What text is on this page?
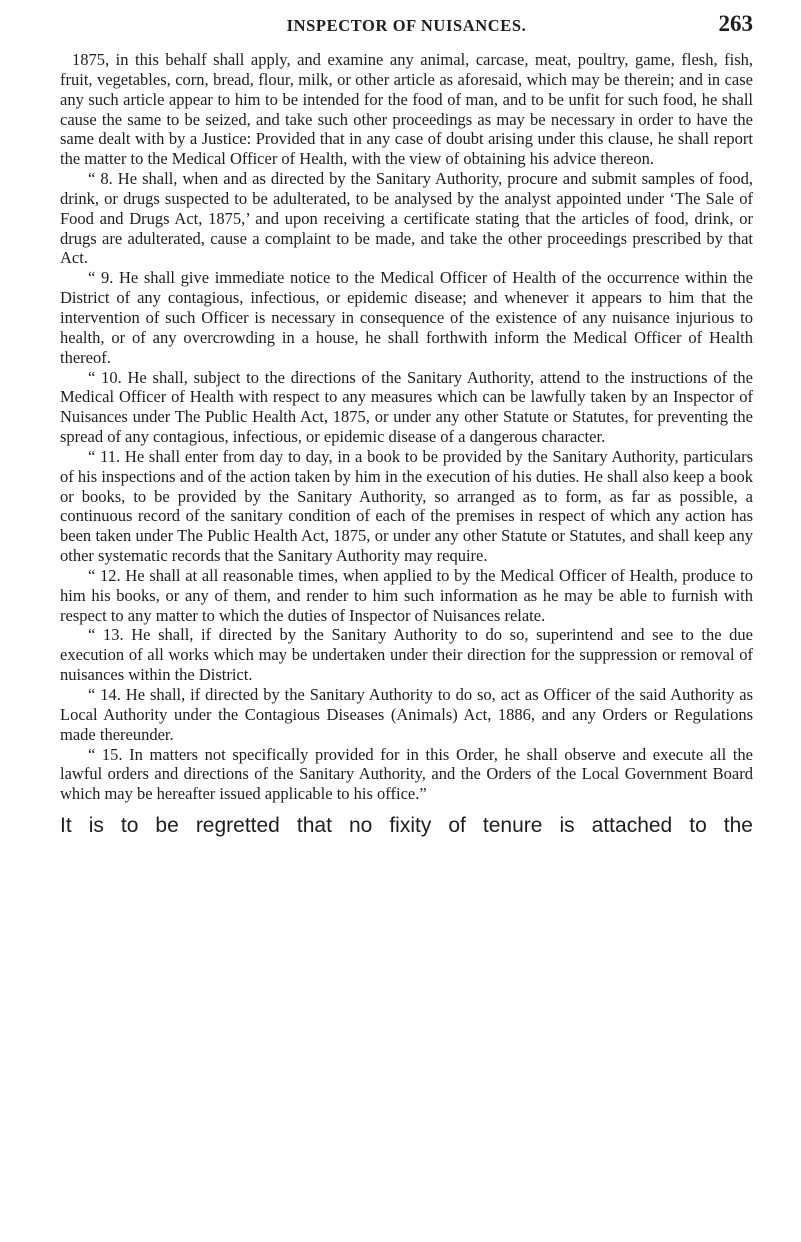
INSPECTOR OF NUISANCES.	263

1875, in this behalf shall apply, and examine any animal, carcase, meat, poultry, game, flesh, fish, fruit, vegetables, corn, bread, flour, milk, or other article as aforesaid, which may be therein; and in case any such article appear to him to be intended for the food of man, and to be unfit for such food, he shall cause the same to be seized, and take such other proceedings as may be necessary in order to have the same dealt with by a Justice: Provided that in any case of doubt arising under this clause, he shall report the matter to the Medical Officer of Health, with the view of obtaining his advice thereon.

“ 8. He shall, when and as directed by the Sanitary Authority, procure and submit samples of food, drink, or drugs suspected to be adulterated, to be analysed by the analyst appointed under ‘The Sale of Food and Drugs Act, 1875,’ and upon receiving a certificate stating that the articles of food, drink, or drugs are adulterated, cause a complaint to be made, and take the other proceedings prescribed by that Act.

“ 9. He shall give immediate notice to the Medical Officer of Health of the occurrence within the District of any contagious, infectious, or epidemic disease; and whenever it appears to him that the intervention of such Officer is necessary in consequence of the existence of any nuisance injurious to health, or of any overcrowding in a house, he shall forthwith inform the Medical Officer of Health thereof.

“ 10. He shall, subject to the directions of the Sanitary Authority, attend to the instructions of the Medical Officer of Health with respect to any measures which can be lawfully taken by an Inspector of Nuisances under The Public Health Act, 1875, or under any other Statute or Statutes, for preventing the spread of any contagious, infectious, or epidemic disease of a dangerous character.

“ 11. He shall enter from day to day, in a book to be provided by the Sanitary Authority, particulars of his inspections and of the action taken by him in the execution of his duties. He shall also keep a book or books, to be provided by the Sanitary Authority, so arranged as to form, as far as possible, a continuous record of the sanitary condition of each of the premises in respect of which any action has been taken under The Public Health Act, 1875, or under any other Statute or Statutes, and shall keep any other systematic records that the Sanitary Authority may require.

“ 12. He shall at all reasonable times, when applied to by the Medical Officer of Health, produce to him his books, or any of them, and render to him such information as he may be able to furnish with respect to any matter to which the duties of Inspector of Nuisances relate.

“ 13. He shall, if directed by the Sanitary Authority to do so, superintend and see to the due execution of all works which may be undertaken under their direction for the suppression or removal of nuisances within the District.

“ 14. He shall, if directed by the Sanitary Authority to do so, act as Officer of the said Authority as Local Authority under the Contagious Diseases (Animals) Act, 1886, and any Orders or Regulations made thereunder.

“ 15. In matters not specifically provided for in this Order, he shall observe and execute all the lawful orders and directions of the Sanitary Authority, and the Orders of the Local Government Board which may be hereafter issued applicable to his office.”

It is to be regretted that no fixity of tenure is attached to the
